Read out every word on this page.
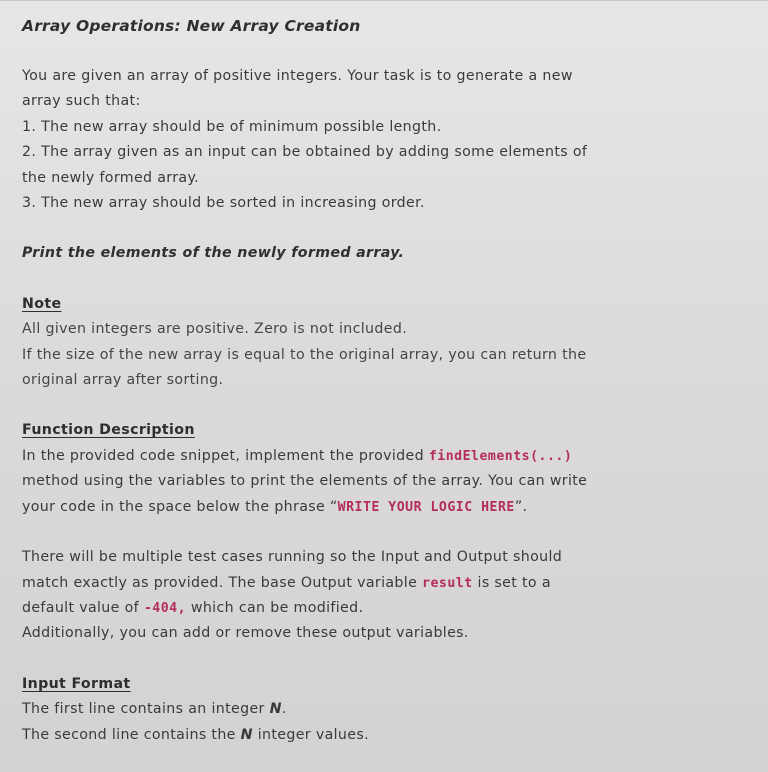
Array Operations: New Array Creation
You are given an array of positive integers. Your task is to generate a new
array such that:
1. The new array should be of minimum possible length.
2. The array given as an input can be obtained by adding some elements of
the newly formed array.
3. The new array should be sorted in increasing order.
Print the elements of the newly formed array.
Note
All given integers are positive. Zero is not included.
If the size of the new array is equal to the original array, you can return the
original array after sorting.
Function Description
In the provided code snippet, implement the provided findElements(...)
method using the variables to print the elements of the array. You can write
your code in the space below the phrase “WRITE YOUR LOGIC HERE”.
There will be multiple test cases running so the Input and Output should
match exactly as provided. The base Output variable result is set to a
default value of -404, which can be modified.
Additionally, you can add or remove these output variables.
Input Format
The first line contains an integer N.
The second line contains the N integer values.
